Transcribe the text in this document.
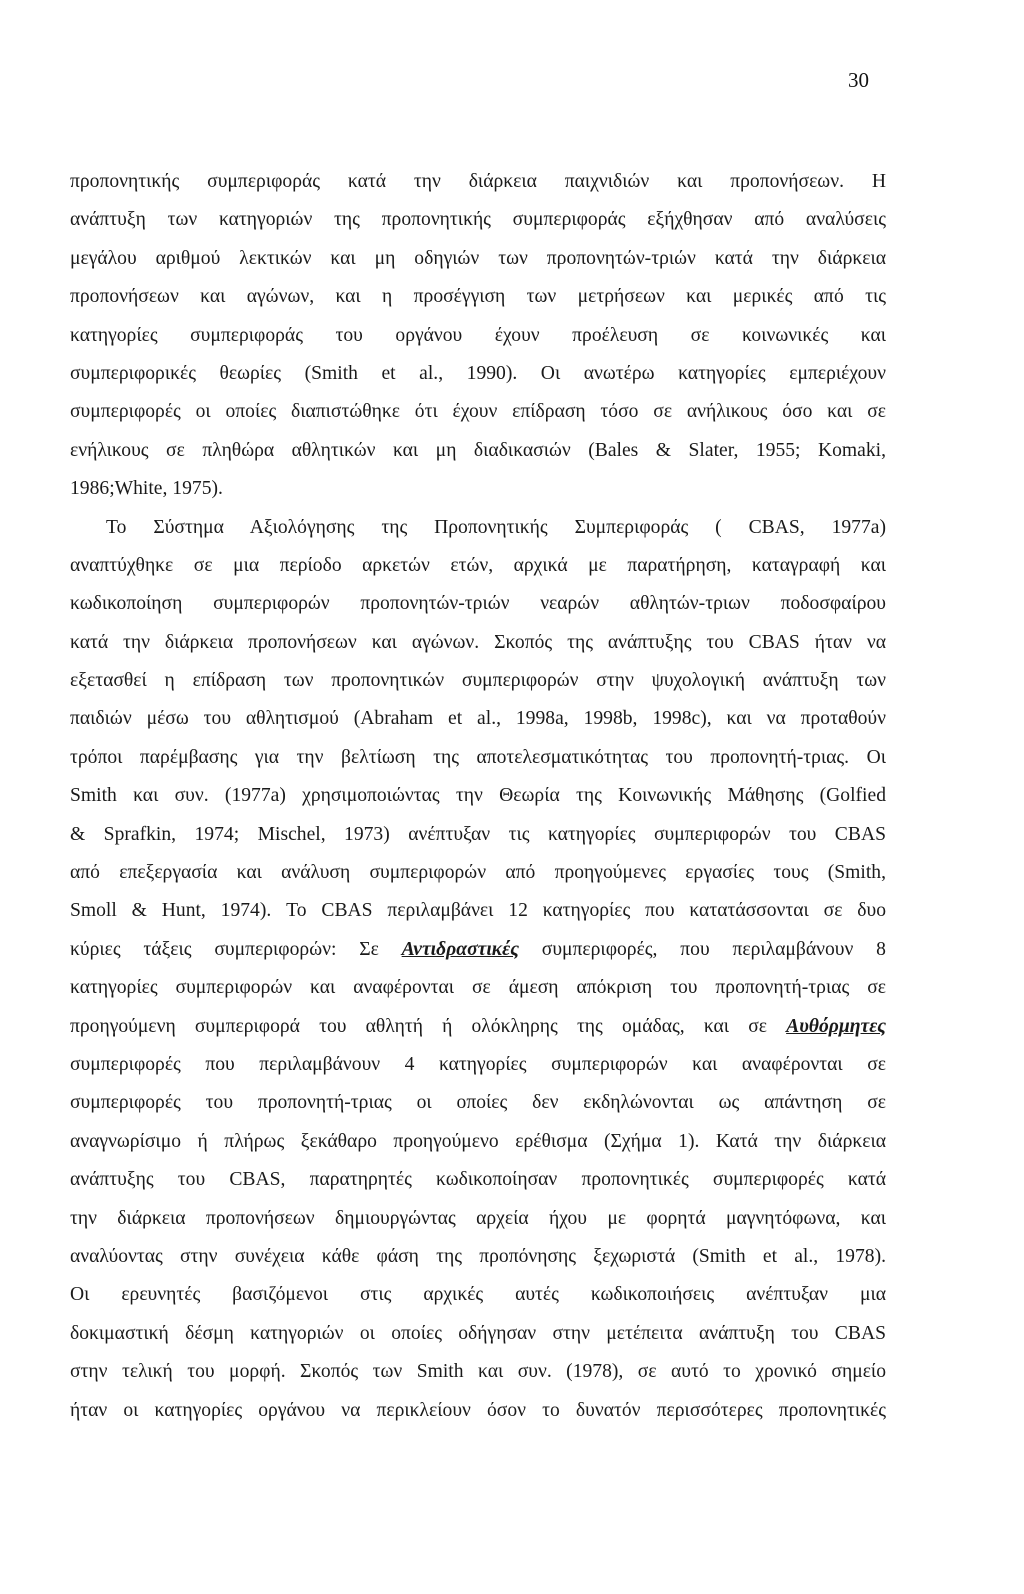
30
προπονητικής συμπεριφοράς κατά την διάρκεια παιχνιδιών και προπονήσεων. Η
ανάπτυξη των κατηγοριών της προπονητικής συμπεριφοράς εξήχθησαν από αναλύσεις
μεγάλου αριθμού λεκτικών και μη οδηγιών των προπονητών-τριών κατά την διάρκεια
προπονήσεων και αγώνων, και η προσέγγιση των μετρήσεων και μερικές από τις
κατηγορίες συμπεριφοράς του οργάνου έχουν προέλευση σε κοινωνικές και
συμπεριφορικές θεωρίες (Smith et al., 1990). Οι ανωτέρω κατηγορίες εμπεριέχουν
συμπεριφορές οι οποίες διαπιστώθηκε ότι έχουν επίδραση τόσο σε ανήλικους όσο και σε
ενήλικους σε πληθώρα αθλητικών και μη διαδικασιών (Bales & Slater, 1955; Komaki,
1986;White, 1975).
Το Σύστημα Αξιολόγησης της Προπονητικής Συμπεριφοράς ( CBAS, 1977a)
αναπτύχθηκε σε μια περίοδο αρκετών ετών, αρχικά με παρατήρηση, καταγραφή και
κωδικοποίηση συμπεριφορών προπονητών-τριών νεαρών αθλητών-τριων ποδοσφαίρου
κατά την διάρκεια προπονήσεων και αγώνων. Σκοπός της ανάπτυξης του CBAS ήταν να
εξετασθεί η επίδραση των προπονητικών συμπεριφορών στην ψυχολογική ανάπτυξη των
παιδιών μέσω του αθλητισμού (Abraham et al., 1998a, 1998b, 1998c), και να προταθούν
τρόποι παρέμβασης για την βελτίωση της αποτελεσματικότητας του προπονητή-τριας. Οι
Smith και συν. (1977a) χρησιμοποιώντας την Θεωρία της Κοινωνικής Μάθησης (Golfied
& Sprafkin, 1974; Mischel, 1973) ανέπτυξαν τις κατηγορίες συμπεριφορών του CBAS
από επεξεργασία και ανάλυση συμπεριφορών από προηγούμενες εργασίες τους (Smith,
Smoll & Hunt, 1974). Το CBAS περιλαμβάνει 12 κατηγορίες που κατατάσσονται σε δυο
κύριες τάξεις συμπεριφορών: Σε Αντιδραστικές συμπεριφορές, που περιλαμβάνουν 8
κατηγορίες συμπεριφορών και αναφέρονται σε άμεση απόκριση του προπονητή-τριας σε
προηγούμενη συμπεριφορά του αθλητή ή ολόκληρης της ομάδας, και σε Αυθόρμητες
συμπεριφορές που περιλαμβάνουν 4 κατηγορίες συμπεριφορών και αναφέρονται σε
συμπεριφορές του προπονητή-τριας οι οποίες δεν εκδηλώνονται ως απάντηση σε
αναγνωρίσιμο ή πλήρως ξεκάθαρο προηγούμενο ερέθισμα (Σχήμα 1). Κατά την διάρκεια
ανάπτυξης του CBAS, παρατηρητές κωδικοποίησαν προπονητικές συμπεριφορές κατά
την διάρκεια προπονήσεων δημιουργώντας αρχεία ήχου με φορητά μαγνητόφωνα, και
αναλύοντας στην συνέχεια κάθε φάση της προπόνησης ξεχωριστά (Smith et al., 1978).
Οι ερευνητές βασιζόμενοι στις αρχικές αυτές κωδικοποιήσεις ανέπτυξαν μια
δοκιμαστική δέσμη κατηγοριών οι οποίες οδήγησαν στην μετέπειτα ανάπτυξη του CBAS
στην τελική του μορφή. Σκοπός των Smith και συν. (1978), σε αυτό το χρονικό σημείο
ήταν οι κατηγορίες οργάνου να περικλείουν όσον το δυνατόν περισσότερες προπονητικές
